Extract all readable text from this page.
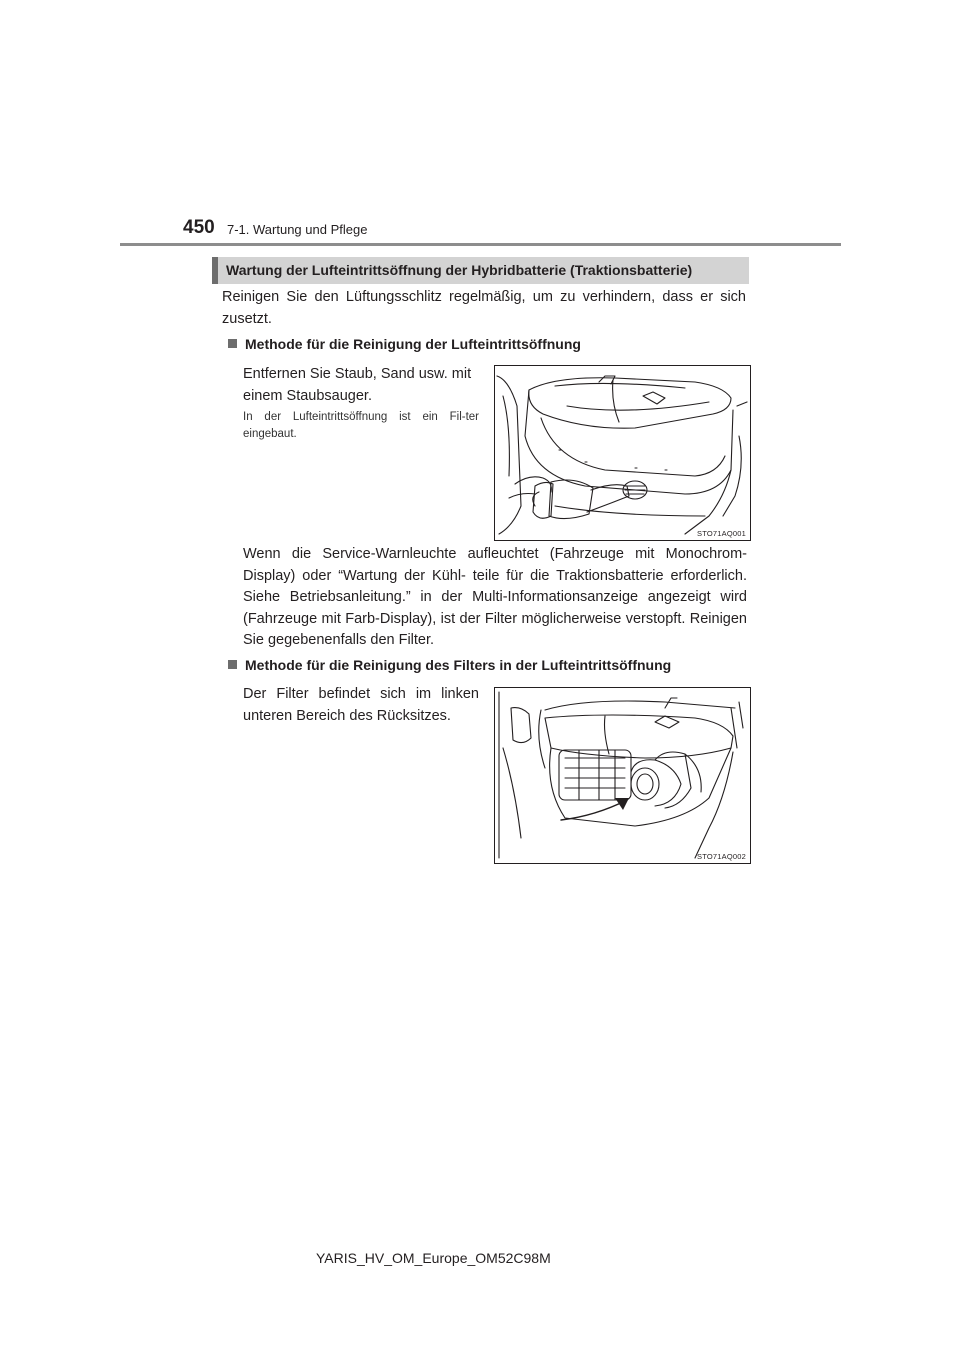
450 7-1. Wartung und Pflege
Wartung der Lufteintrittsöffnung der Hybridbatterie (Traktionsbatterie)
Reinigen Sie den Lüftungsschlitz regelmäßig, um zu verhindern, dass er sich zusetzt.
Methode für die Reinigung der Lufteintrittsöffnung
Entfernen Sie Staub, Sand usw. mit einem Staubsauger.
In der Lufteintrittsöffnung ist ein Fil-ter eingebaut.
STO71AQ001
Wenn die Service-Warnleuchte aufleuchtet (Fahrzeuge mit Monochrom-Display) oder “Wartung der Kühl- teile für die Traktionsbatterie erforderlich. Siehe Betriebsanleitung.” in der Multi-Informationsanzeige angezeigt wird (Fahrzeuge mit Farb-Display), ist der Filter möglicherweise verstopft. Reinigen Sie gegebenenfalls den Filter.
Methode für die Reinigung des Filters in der Lufteintrittsöffnung
Der Filter befindet sich im linken unteren Bereich des Rücksitzes.
STO71AQ002
YARIS_HV_OM_Europe_OM52C98M
